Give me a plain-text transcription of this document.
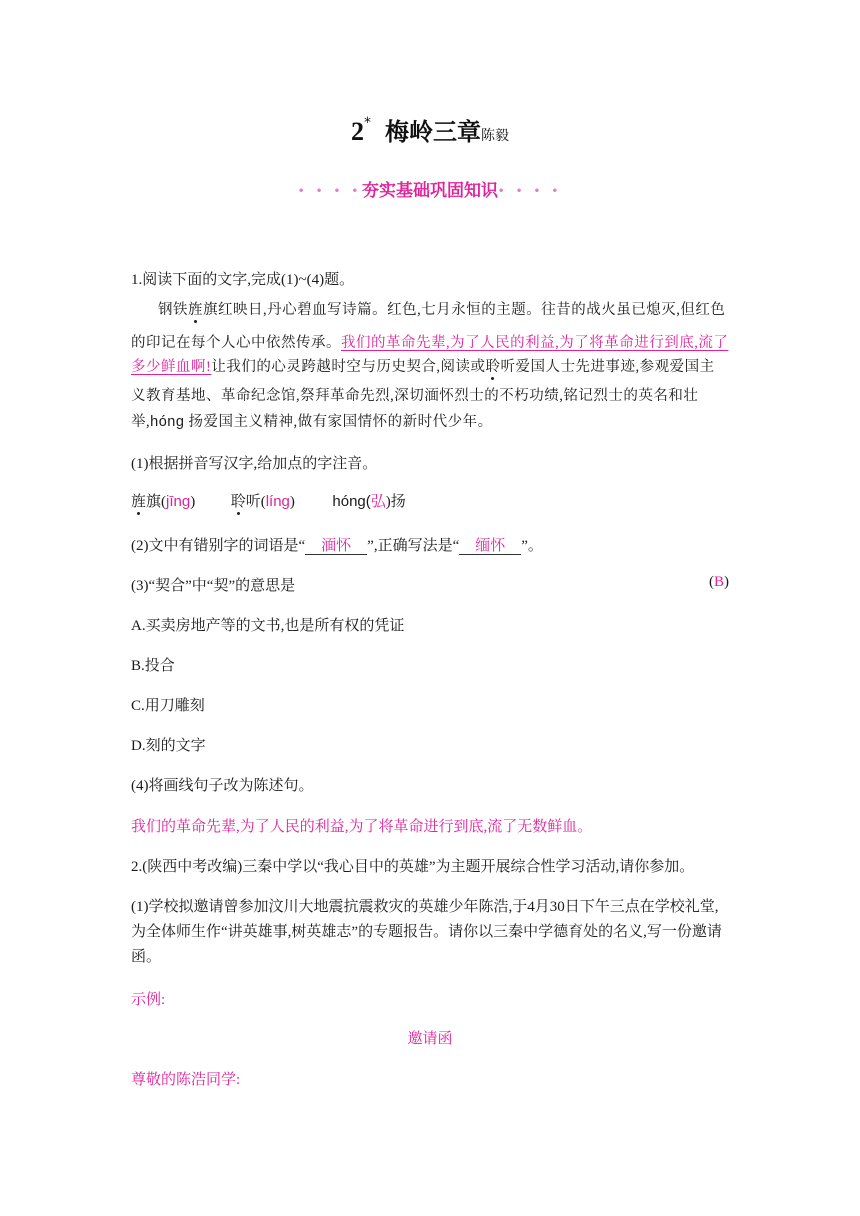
2* 梅岭三章陈毅
• • • •夯实基础巩固知识• • • •
1.阅读下面的文字,完成(1)~(4)题。
钢铁旌旗红映日,丹心碧血写诗篇。红色,七月永恒的主题。往昔的战火虽已熄灭,但红色
的印记在每个人心中依然传承。我们的革命先辈,为了人民的利益,为了将革命进行到底,流了
多少鲜血啊!让我们的心灵跨越时空与历史契合,阅读或聆听爱国人士先进事迹,参观爱国主
义教育基地、革命纪念馆,祭拜革命先烈,深切湎怀烈士的不朽功绩,铭记烈士的英名和壮
举,hóng 扬爱国主义精神,做有家国情怀的新时代少年。
(1)根据拼音写汉字,给加点的字注音。
旌旗(jīng) 聆听(líng)	hóng(弘)扬
(2)文中有错别字的词语是“ 湎怀 ”,正确写法是“ 缅怀 ”。
(3)“契合”中“契”的意思是	(B)
A.买卖房地产等的文书,也是所有权的凭证
B.投合
C.用刀雕刻
D.刻的文字
(4)将画线句子改为陈述句。
我们的革命先辈,为了人民的利益,为了将革命进行到底,流了无数鲜血。
2.(陕西中考改编)三秦中学以“我心目中的英雄”为主题开展综合性学习活动,请你参加。
(1)学校拟邀请曾参加汶川大地震抗震救灾的英雄少年陈浩,于4月30日下午三点在学校礼堂,
为全体师生作“讲英雄事,树英雄志”的专题报告。请你以三秦中学德育处的名义,写一份邀请
函。
示例:
邀请函
尊敬的陈浩同学:
